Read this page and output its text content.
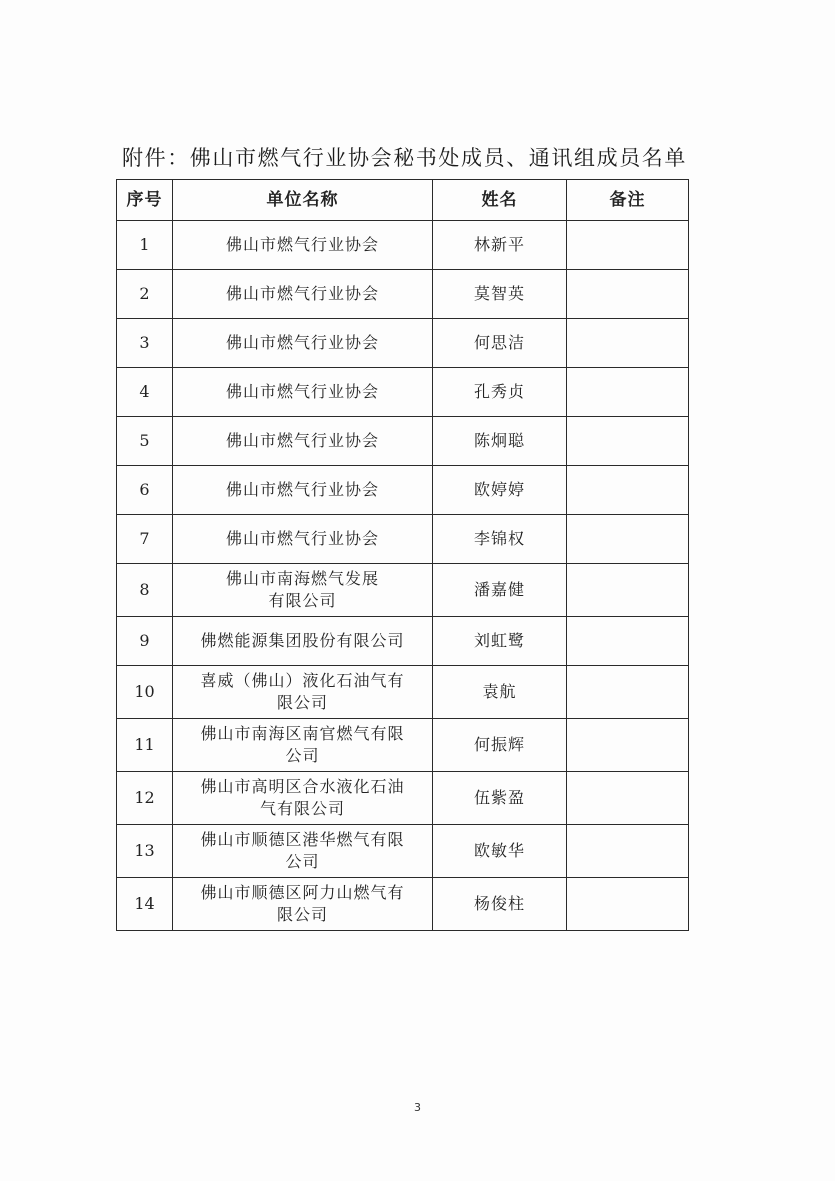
附件：佛山市燃气行业协会秘书处成员、通讯组成员名单
序号	单位名称	姓名	备注
1	佛山市燃气行业协会	林新平	
2	佛山市燃气行业协会	莫智英	
3	佛山市燃气行业协会	何思洁	
4	佛山市燃气行业协会	孔秀贞	
5	佛山市燃气行业协会	陈炯聪	
6	佛山市燃气行业协会	欧婷婷	
7	佛山市燃气行业协会	李锦权	
8	佛山市南海燃气发展
有限公司	潘嘉健	
9	佛燃能源集团股份有限公司	刘虹鹭	
10	喜威（佛山）液化石油气有
限公司	袁航	
11	佛山市南海区南官燃气有限
公司	何振辉	
12	佛山市高明区合水液化石油
气有限公司	伍紫盈	
13	佛山市顺德区港华燃气有限
公司	欧敏华	
14	佛山市顺德区阿力山燃气有
限公司	杨俊柱	
3
